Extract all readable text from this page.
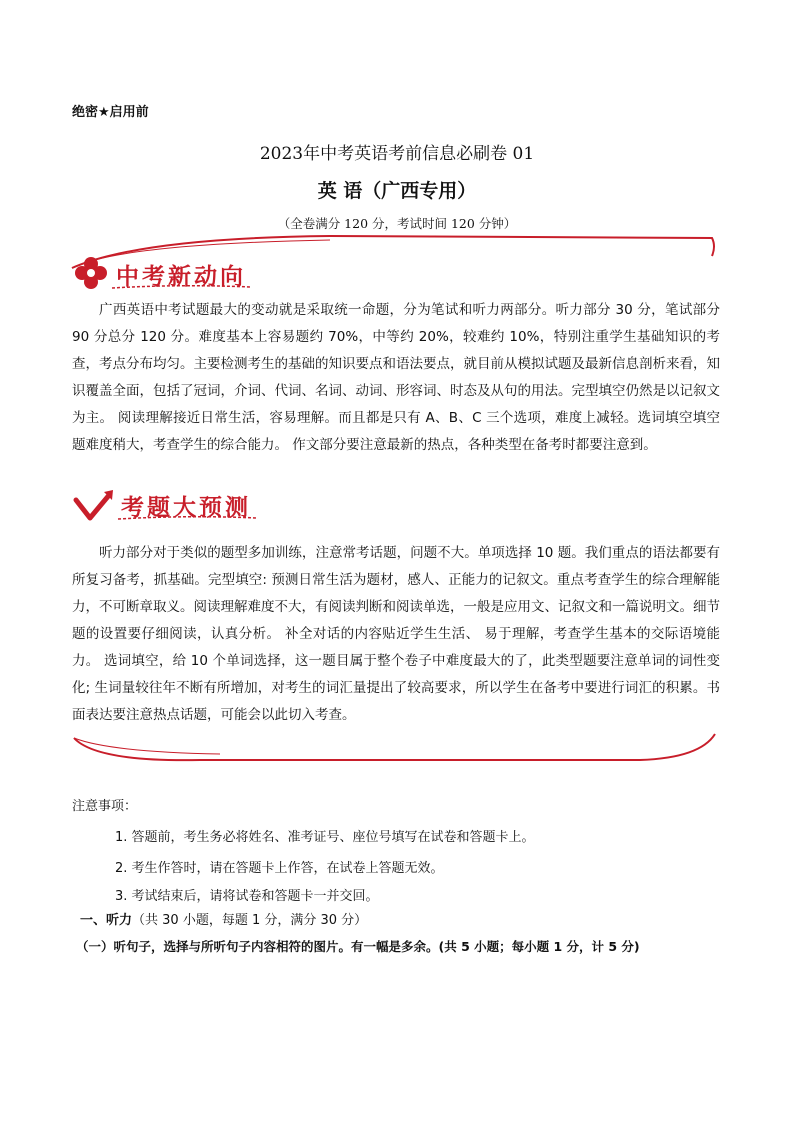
绝密★启用前
2023年中考英语考前信息必刷卷 01
英 语（广西专用）
（全卷满分 120 分，考试时间 120 分钟）
中考新动向
广西英语中考试题最大的变动就是采取统一命题，分为笔试和听力两部分。听力部分 30 分，笔试部分 90 分总分 120 分。难度基本上容易题约 70%，中等约 20%，较难约 10%，特别注重学生基础知识的考查，考点分布均匀。主要检测考生的基础的知识要点和语法要点，就目前从模拟试题及最新信息剖析来看，知识覆盖全面，包括了冠词，介词、代词、名词、动词、形容词、时态及从句的用法。完型填空仍然是以记叙文为主。 阅读理解接近日常生活，容易理解。而且都是只有 A、B、C 三个选项，难度上减轻。选词填空填空题难度稍大，考查学生的综合能力。 作文部分要注意最新的热点，各种类型在备考时都要注意到。
考题大预测
听力部分对于类似的题型多加训练，注意常考话题，问题不大。单项选择 10 题。我们重点的语法都要有所复习备考，抓基础。完型填空: 预测日常生活为题材，感人、正能力的记叙文。重点考查学生的综合理解能力，不可断章取义。阅读理解难度不大，有阅读判断和阅读单选，一般是应用文、记叙文和一篇说明文。细节题的设置要仔细阅读，认真分析。 补全对话的内容贴近学生生活、 易于理解，考查学生基本的交际语境能力。 选词填空，给 10 个单词选择，这一题目属于整个卷子中难度最大的了，此类型题要注意单词的词性变化; 生词量较往年不断有所增加，对考生的词汇量提出了较高要求，所以学生在备考中要进行词汇的积累。书面表达要注意热点话题，可能会以此切入考查。
注意事项：
1. 答题前，考生务必将姓名、准考证号、座位号填写在试卷和答题卡上。
2. 考生作答时，请在答题卡上作答，在试卷上答题无效。
3. 考试结束后，请将试卷和答题卡一并交回。
一、听力（共 30 小题，每题 1 分，满分 30 分）
（一）听句子，选择与所听句子内容相符的图片。有一幅是多余。(共 5 小题；每小题 1 分，计 5 分)
